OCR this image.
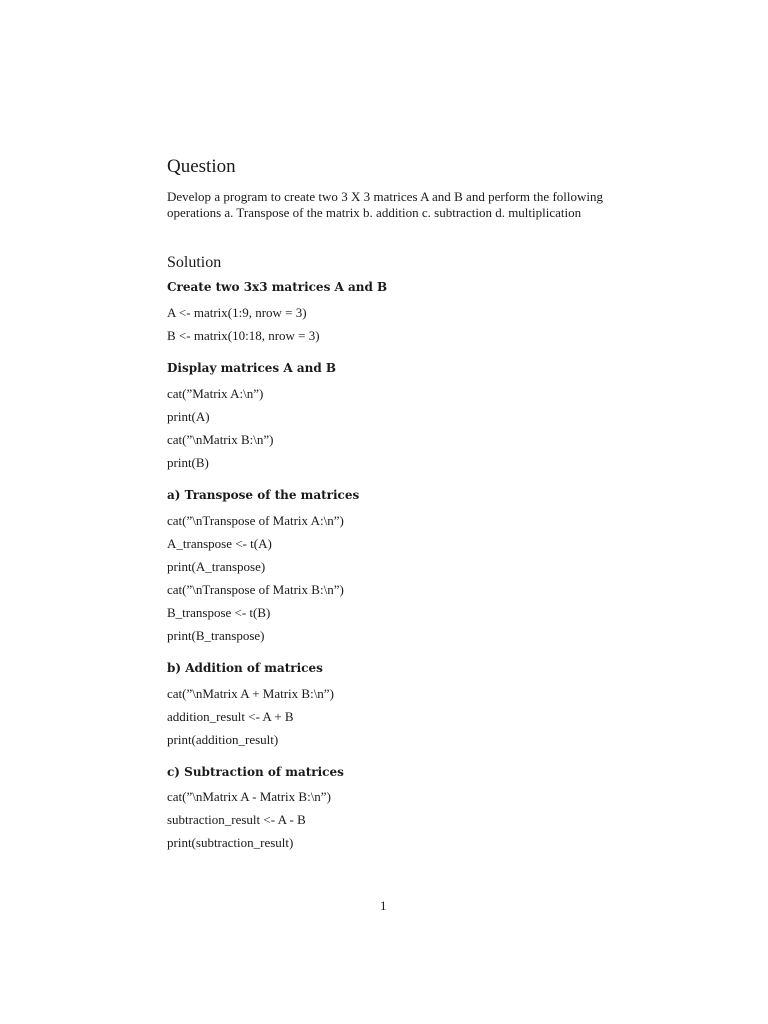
Question
Develop a program to create two 3 X 3 matrices A and B and perform the following operations a. Transpose of the matrix b. addition c. subtraction d. multiplication
Solution
Create two 3x3 matrices A and B
A <- matrix(1:9, nrow = 3)
B <- matrix(10:18, nrow = 3)
Display matrices A and B
cat(”Matrix A:\n”)
print(A)
cat(”\nMatrix B:\n”)
print(B)
a) Transpose of the matrices
cat(”\nTranspose of Matrix A:\n”)
A_transpose <- t(A)
print(A_transpose)
cat(”\nTranspose of Matrix B:\n”)
B_transpose <- t(B)
print(B_transpose)
b) Addition of matrices
cat(”\nMatrix A + Matrix B:\n”)
addition_result <- A + B
print(addition_result)
c) Subtraction of matrices
cat(”\nMatrix A - Matrix B:\n”)
subtraction_result <- A - B
print(subtraction_result)
1
